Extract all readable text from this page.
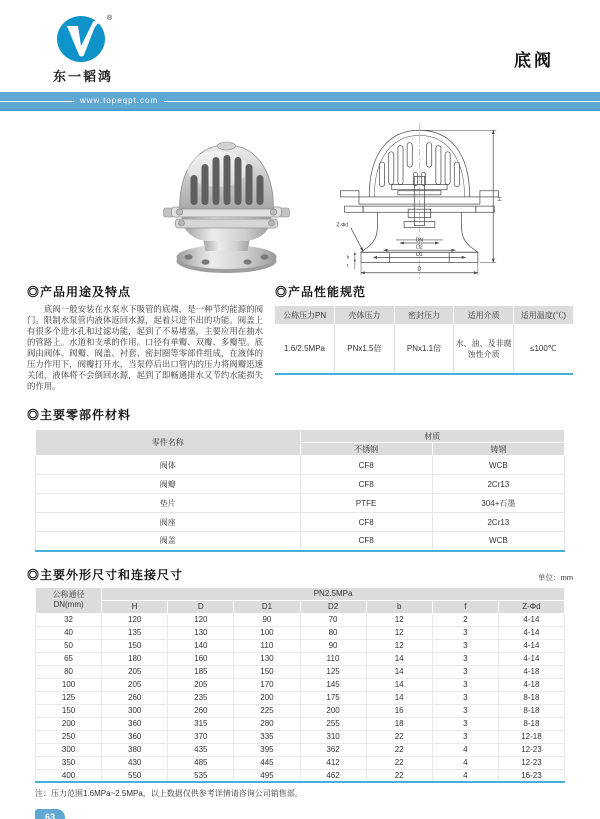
®
东一韬鸿
底阀
www.topeqpt.com
H
DN
D2
D1
D
Z-Φd
b
f
◎产品用途及特点

底阀一般安装在水泵水下吸管的底端，是一种节约能源的阀门。限制水泵管内液体返回水源，起着只进不出的功能。阀盖上有很多个进水孔和过滤功能，起到了不易堵塞，主要应用在抽水的管路上。水道和支承的作用。口径有单瓣、双瓣、多瓣型。底阀由阀体、阀瓣、阀盖、衬套、密封圈等零部件组成，在液体的压力作用下，阀瓣打开水，当泵停后出口管内的压力将阀瓣迅速关闭，液体将不会倒回水源，起到了即畅通排水又节约水能损失的作用。

◎产品性能规范
公称压力PN	壳体压力	密封压力	适用介质	适用温度(℃)
1.6/2.5MPa	PNx1.5倍	PNx1.1倍	水、油、及非腐蚀性介质	≤100℃
◎主要零部件材料
零件名称	材质	
	不锈钢	铸钢
阀体	CF8	WCB
阀瓣	CF8	2Cr13
垫片	PTFE	304+石墨
阀座	CF8	2Cr13
阀盖	CF8	WCB
◎主要外形尺寸和连接尺寸	单位：mm
公称通径
DN(mm)	PN2.5MPa						
	H	D	D1	D2	b	f	Z-Φd
32	120	120	90	70	12	2	4-14
40	135	130	100	80	12	3	4-14
50	150	140	110	90	12	3	4-14
65	180	160	130	110	14	3	4-14
80	205	185	150	125	14	3	4-18
100	205	205	170	145	14	3	4-18
125	260	235	200	175	14	3	8-18
150	300	260	225	200	16	3	8-18
200	360	315	280	255	18	3	8-18
250	360	370	335	310	22	3	12-18
300	380	435	395	362	22	4	12-23
350	430	485	445	412	22	4	12-23
400	550	535	495	462	22	4	16-23

注：压力范围1.6MPa~2.5MPa，以上数据仅供参考详情请咨询公司销售部。

63
